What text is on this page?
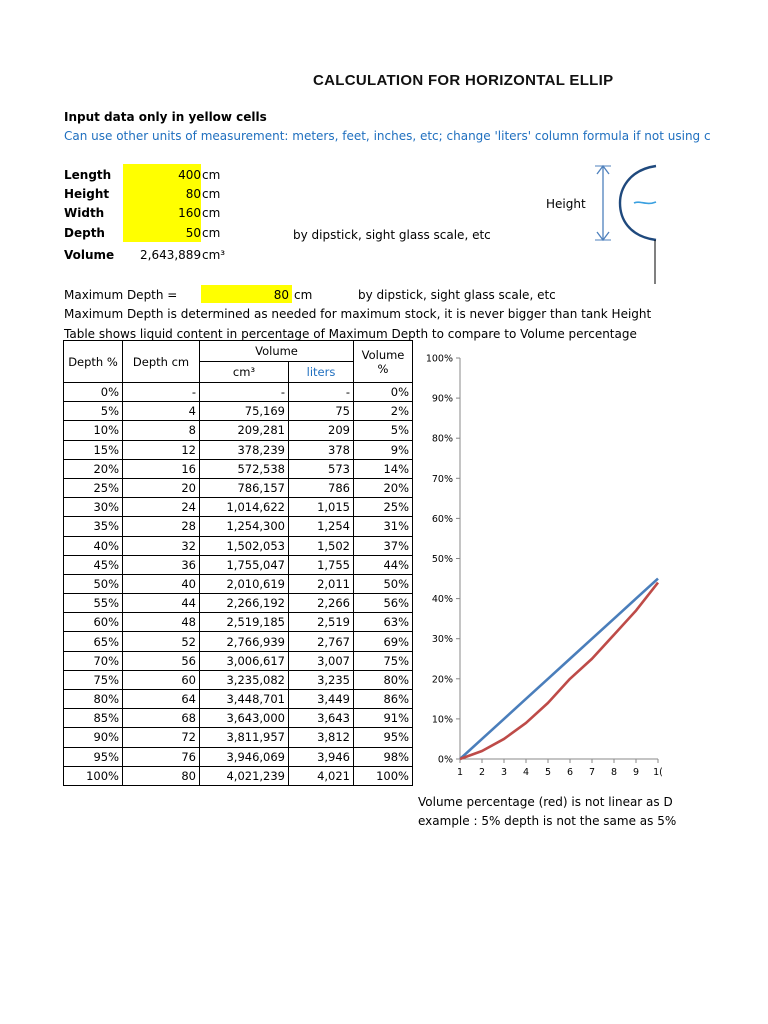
CALCULATION FOR HORIZONTAL ELLIP
Input data only in yellow cells
Can use other units of measurement: meters, feet, inches, etc; change 'liters' column formula if not using c
Length	400 cm
Height	80 cm
Width	160 cm
Depth	50 cm	by dipstick, sight glass scale, etc
Volume 2,643,889 cm³
Height
Maximum Depth =	80 cm	by dipstick, sight glass scale, etc
Maximum Depth is determined as needed for maximum stock, it is never bigger than tank Height
Table shows liquid content in percentage of Maximum Depth to compare to Volume percentage
Depth %	Depth cm	Volume		Volume %
		cm³	liters	
0%	-	-	-	0%
5%	4	75,169	75	2%
10%	8	209,281	209	5%
15%	12	378,239	378	9%
20%	16	572,538	573	14%
25%	20	786,157	786	20%
30%	24	1,014,622	1,015	25%
35%	28	1,254,300	1,254	31%
40%	32	1,502,053	1,502	37%
45%	36	1,755,047	1,755	44%
50%	40	2,010,619	2,011	50%
55%	44	2,266,192	2,266	56%
60%	48	2,519,185	2,519	63%
65%	52	2,766,939	2,767	69%
70%	56	3,006,617	3,007	75%
75%	60	3,235,082	3,235	80%
80%	64	3,448,701	3,449	86%
85%	68	3,643,000	3,643	91%
90%	72	3,811,957	3,812	95%
95%	76	3,946,069	3,946	98%
100%	80	4,021,239	4,021	100%
0%
10%
20%
30%
40%
50%
60%
70%
80%
90%
100%
1 2 3 4 5 6 7 8 9 1(
Volume percentage (red) is not linear as D
example : 5% depth is not the same as 5%
